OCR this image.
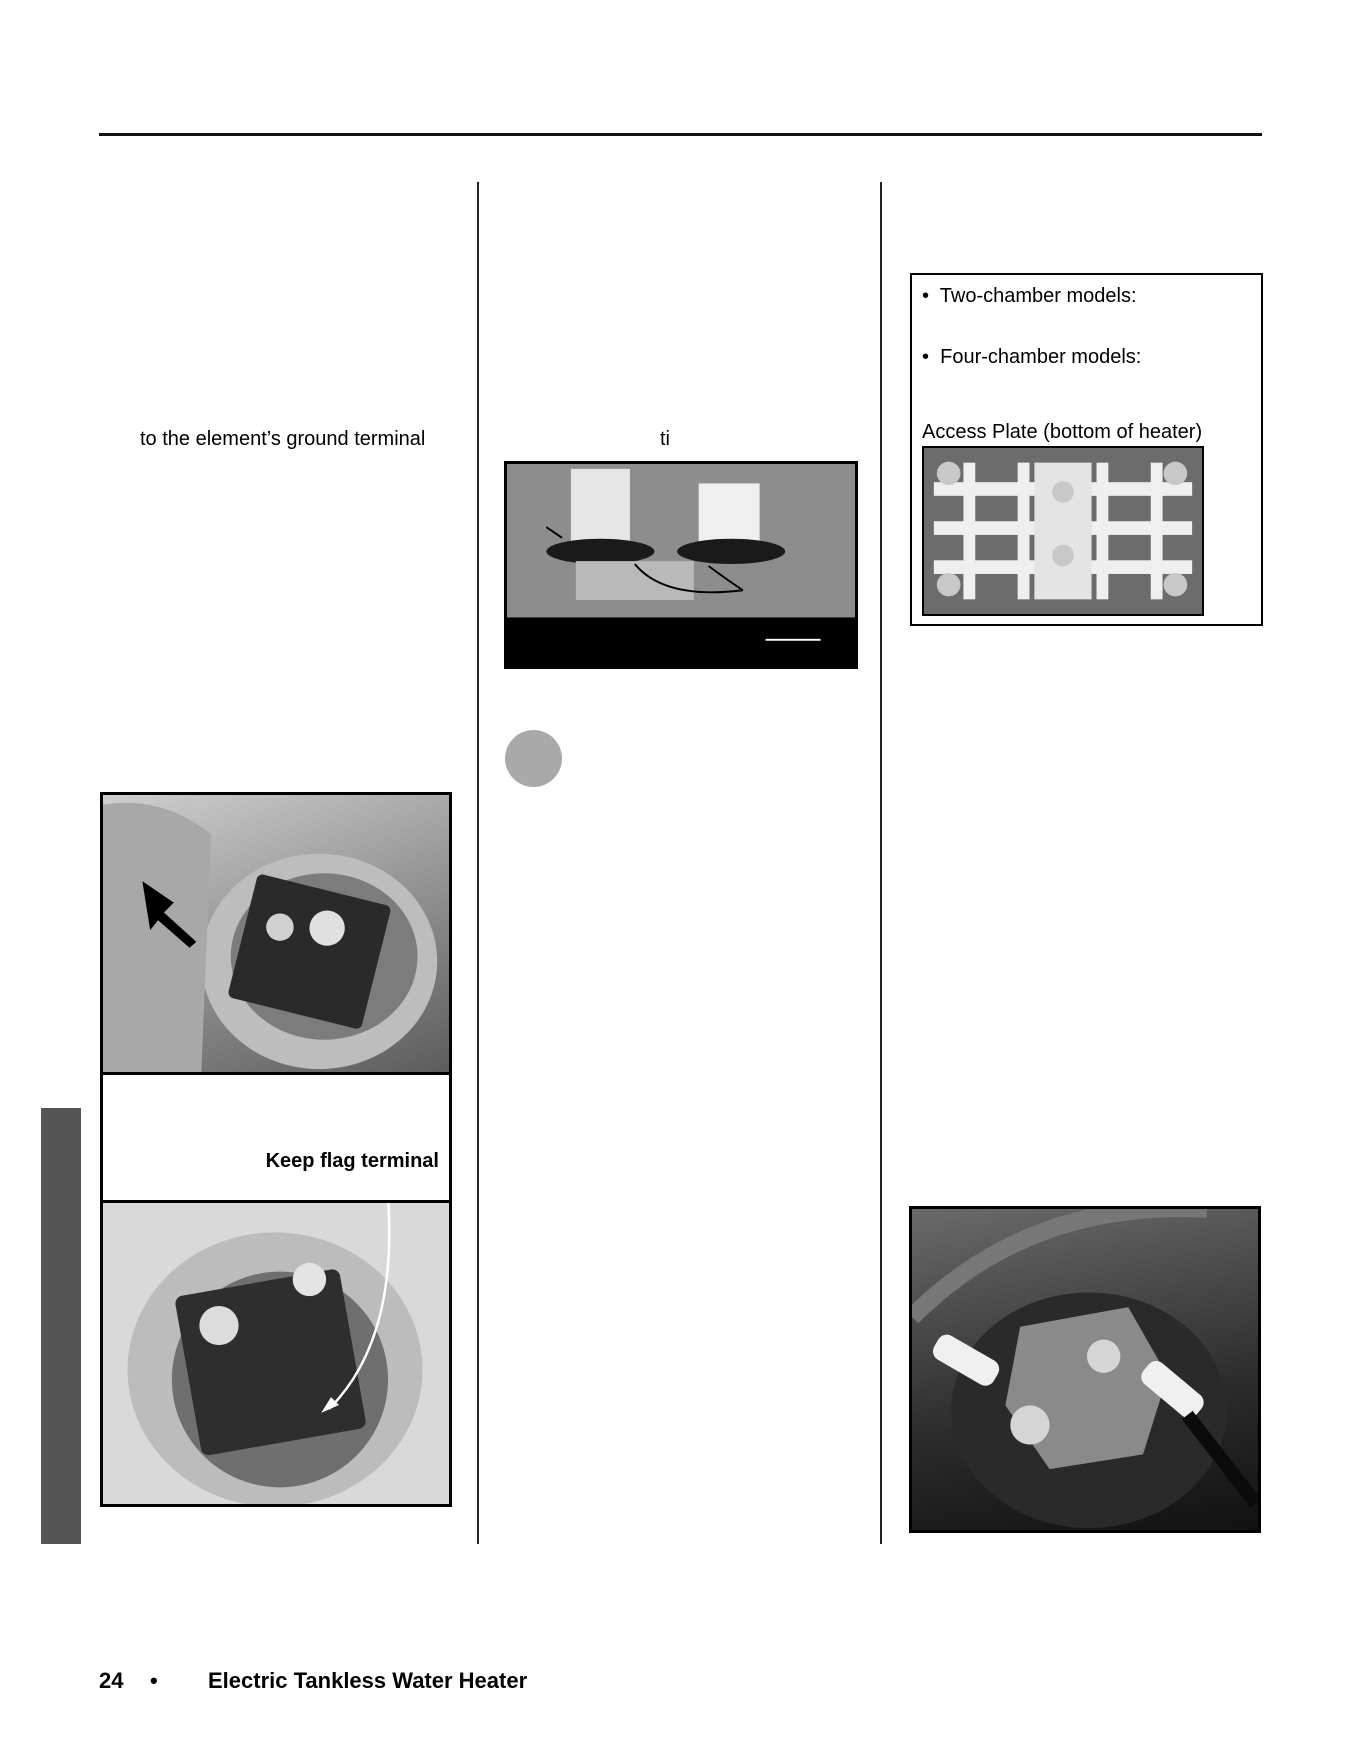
to the element’s ground terminal
Keep flag terminal
ti
• Two-chamber models:
• Four-chamber models:
Access Plate (bottom of heater)
24 • Electric Tankless Water Heater
